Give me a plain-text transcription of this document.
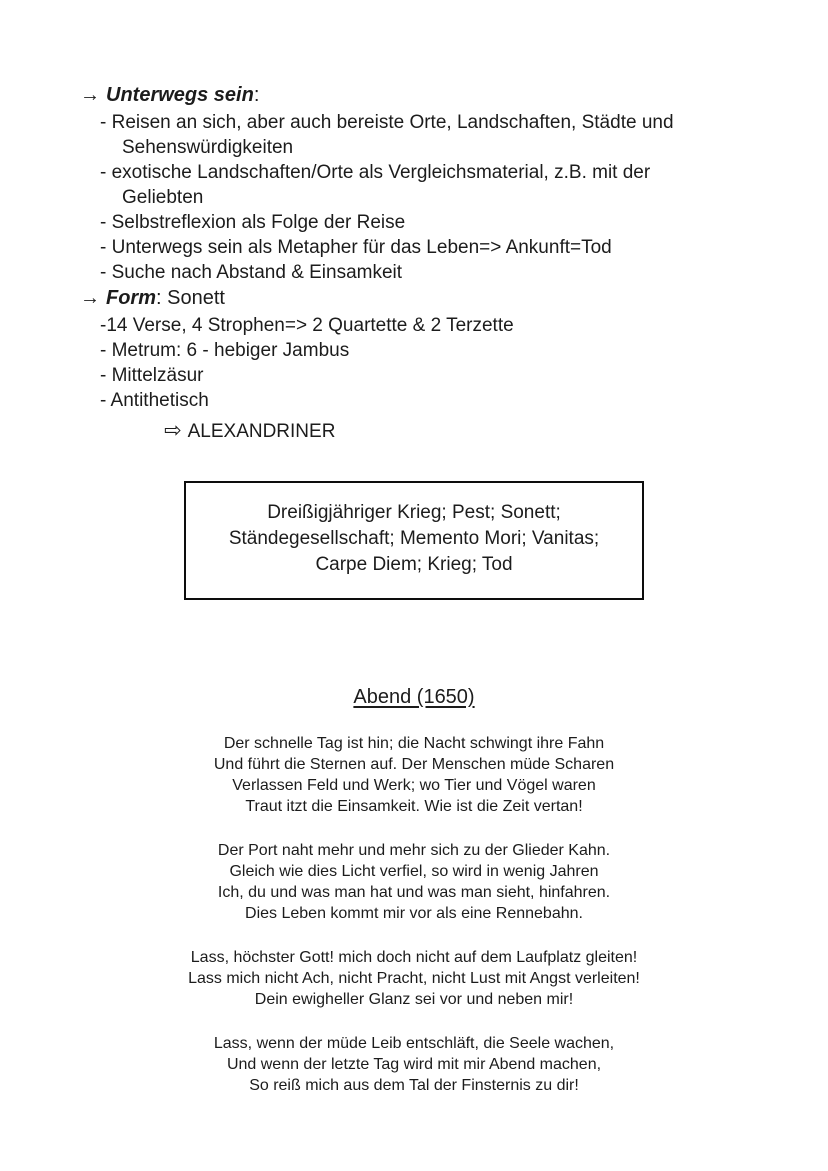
→ Unterwegs sein:
- Reisen an sich, aber auch bereiste Orte, Landschaften, Städte und Sehenswürdigkeiten
- exotische Landschaften/Orte als Vergleichsmaterial, z.B. mit der Geliebten
- Selbstreflexion als Folge der Reise
- Unterwegs sein als Metapher für das Leben=> Ankunft=Tod
- Suche nach Abstand & Einsamkeit
→ Form: Sonett
-14 Verse, 4 Strophen=> 2 Quartette & 2 Terzette
- Metrum: 6 - hebiger Jambus
- Mittelzäsur
- Antithetisch
⇨ ALEXANDRINER
Dreißigjähriger Krieg; Pest; Sonett;
Ständegesellschaft; Memento Mori; Vanitas;
Carpe Diem; Krieg; Tod
Abend (1650)
Der schnelle Tag ist hin; die Nacht schwingt ihre Fahn
Und führt die Sternen auf. Der Menschen müde Scharen
Verlassen Feld und Werk; wo Tier und Vögel waren
Traut itzt die Einsamkeit. Wie ist die Zeit vertan!
Der Port naht mehr und mehr sich zu der Glieder Kahn.
Gleich wie dies Licht verfiel, so wird in wenig Jahren
Ich, du und was man hat und was man sieht, hinfahren.
Dies Leben kommt mir vor als eine Rennebahn.
Lass, höchster Gott! mich doch nicht auf dem Laufplatz gleiten!
Lass mich nicht Ach, nicht Pracht, nicht Lust mit Angst verleiten!
Dein ewigheller Glanz sei vor und neben mir!
Lass, wenn der müde Leib entschläft, die Seele wachen,
Und wenn der letzte Tag wird mit mir Abend machen,
So reiß mich aus dem Tal der Finsternis zu dir!
